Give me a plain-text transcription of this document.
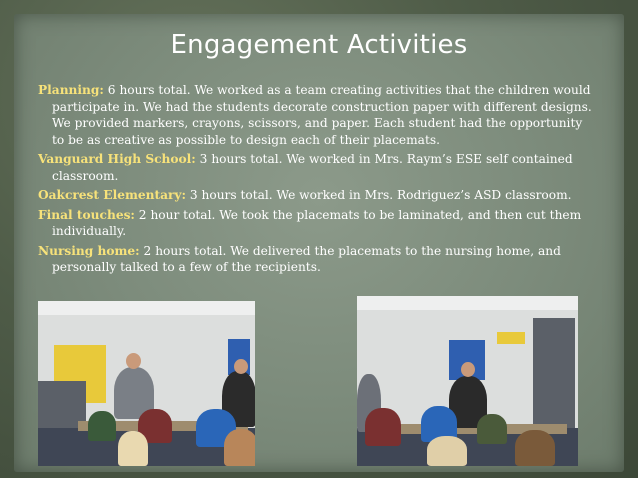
Engagement Activities

Planning: 6 hours total. We worked as a team creating activities that the children would participate in. We had the students decorate construction paper with different designs. We provided markers, crayons, scissors, and paper. Each student had the opportunity to be as creative as possible to design each of their placemats.

Vanguard High School: 3 hours total. We worked in Mrs. Raym’s ESE self contained classroom.

Oakcrest Elementary: 3 hours total. We worked in Mrs. Rodriguez’s ASD classroom.

Final touches: 2 hour total. We took the placemats to be laminated, and then cut them individually.

Nursing home: 2 hours total. We delivered the placemats to the nursing home, and personally talked to a few of the recipients.
